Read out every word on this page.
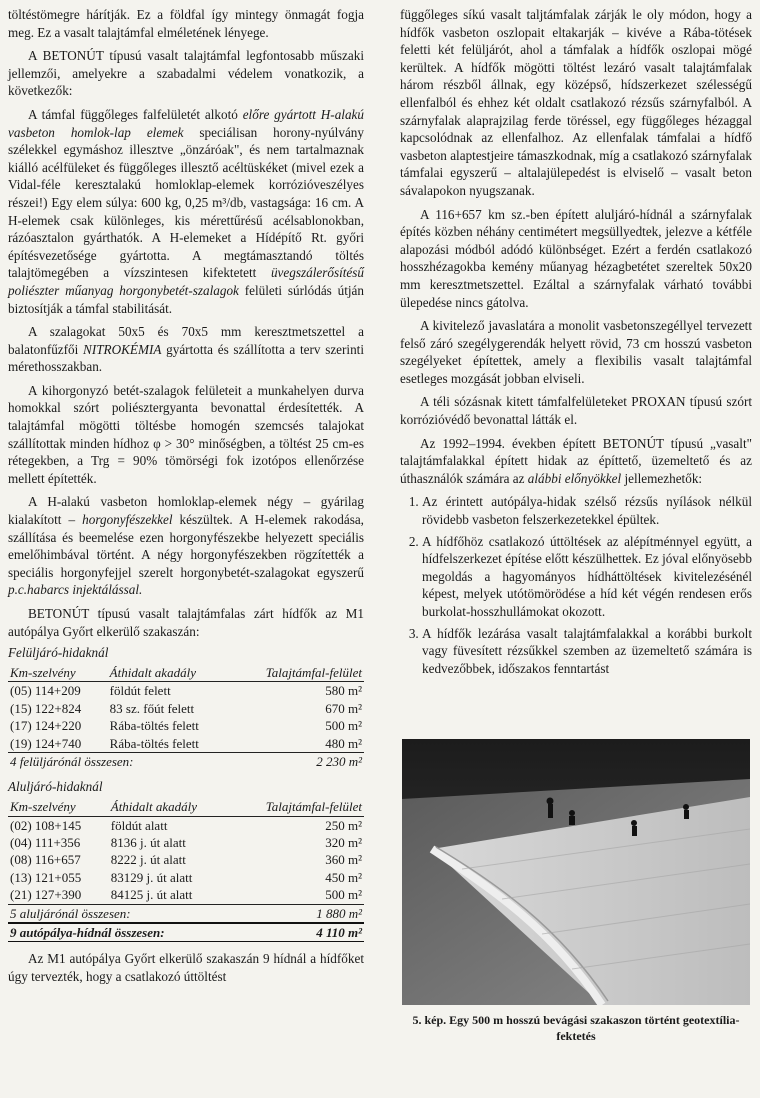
töltéstömegre hárítják. Ez a földfal így mintegy önmagát fogja meg. Ez a vasalt talajtámfal elméletének lényege.

A BETONÚT típusú vasalt talajtámfal legfontosabb műszaki jellemzői, amelyekre a szabadalmi védelem vonatkozik, a következők:

A támfal függőleges falfelületét alkotó előre gyártott H-alakú vasbeton homlok-lap elemek speciálisan horony-nyúlvány szélekkel egymáshoz illesztve „önzáróak", és nem tartalmaznak kiálló acélfüleket és függőleges illesztő acéltüskéket (mivel ezek a Vidal-féle keresztalakú homloklap-elemek korrózióveszélyes részei!) Egy elem súlya: 600 kg, 0,25 m³/db, vastagsága: 16 cm. A H-elemek csak különleges, kis mérettűrésű acélsablonokban, rázóasztalon gyárthatók. A H-elemeket a Hídépítő Rt. győri építésvezetősége gyártotta. A megtámasztandó töltés talajtömegében a vízszintesen kifektetett üvegszálerősítésű poliészter műanyag horgonybetét-szalagok felületi súrlódás útján biztosítják a támfal stabilitását.

A szalagokat 50x5 és 70x5 mm keresztmetszettel a balatonfűzfői NITROKÉMIA gyártotta és szállította a terv szerinti mérethosszakban.

A kihorgonyzó betét-szalagok felületeit a munkahelyen durva homokkal szórt poliésztergyanta bevonattal érdesítették. A talajtámfal mögötti töltésbe homogén szemcsés talajokat szállítottak minden hídhoz φ > 30° minőségben, a töltést 25 cm-es rétegekben, a Trg = 90% tömörségi fok izotópos ellenőrzése mellett építették.

A H-alakú vasbeton homloklap-elemek négy – gyárilag kialakított – horgonyfészekkel készültek. A H-elemek rakodása, szállítása és beemelése ezen horgonyfészekbe helyezett speciális emelőhimbával történt. A négy horgonyfészekben rögzítették a speciális horgonyfejjel szerelt horgonybetét-szalagokat egyszerű p.c.habarcs injektálással.

BETONÚT típusú vasalt talajtámfalas zárt hídfők az M1 autópálya Győrt elkerülő szakaszán:

Felüljáró-hidaknál
Km-szelvény	Áthidalt akadály	Talajtámfal-felület
(05) 114+209	földút felett	580 m²
(15) 122+824	83 sz. főút felett	670 m²
(17) 124+220	Rába-töltés felett	500 m²
(19) 124+740	Rába-töltés felett	480 m²
4 felüljárónál összesen:		2 230 m²
Aluljáró-hidaknál
Km-szelvény	Áthidalt akadály	Talajtámfal-felület
(02) 108+145	földút alatt	250 m²
(04) 111+356	8136 j. út alatt	320 m²
(08) 116+657	8222 j. út alatt	360 m²
(13) 121+055	83129 j. út alatt	450 m²
(21) 127+390	84125 j. út alatt	500 m²
5 aluljárónál összesen:		1 880 m²
9 autópálya-hídnál összesen:		4 110 m²

Az M1 autópálya Győrt elkerülő szakaszán 9 hídnál a hídfőket úgy tervezték, hogy a csatlakozó úttöltést

függőleges síkú vasalt taljtámfalak zárják le oly módon, hogy a hídfők vasbeton oszlopait eltakarják – kivéve a Rába-tötések feletti két felüljárót, ahol a támfalak a hídfők oszlopai mögé kerültek. A hídfők mögötti töltést lezáró vasalt talajtámfalak három részből állnak, egy középső, hídszerkezet szélességű ellenfalból és ehhez két oldalt csatlakozó rézsűs szárnyfalból. A szárnyfalak alaprajzilag ferde töréssel, egy függőleges hézaggal kapcsolódnak az ellenfalhoz. Az ellenfalak támfalai a hídfő vasbeton alaptestjeire támaszkodnak, míg a csatlakozó szárnyfalak támfalai egyszerű – altalajülepedést is elviselő – vasalt beton sávalapokon nyugszanak.

A 116+657 km sz.-ben épített aluljáró-hídnál a szárnyfalak építés közben néhány centimétert megsüllyedtek, jelezve a kétféle alapozási módból adódó különbséget. Ezért a ferdén csatlakozó hosszhézagokba kemény műanyag hézagbetétet szereltek 50x20 mm keresztmetszettel. Ezáltal a szárnyfalak várható további ülepedése nincs gátolva.

A kivitelező javaslatára a monolit vasbetonszegéllyel tervezett felső záró szegélygerendák helyett rövid, 73 cm hosszú vasbeton szegélyeket építettek, amely a flexibilis vasalt talajtámfal esetleges mozgását jobban elviseli.

A téli sózásnak kitett támfalfelületeket PROXAN típusú szórt korrózióvédő bevonattal látták el.

Az 1992–1994. években épített BETONÚT típusú „vasalt" talajtámfalakkal épített hidak az építtető, üzemeltető és az úthasználók számára az alábbi előnyökkel jellemezhetők:

1. Az érintett autópálya-hidak szélső rézsűs nyílások nélkül rövidebb vasbeton felszerkezetekkel épültek.
2. A hídfőhöz csatlakozó úttöltések az alépítménnyel együtt, a hídfelszerkezet építése előtt készülhettek. Ez jóval előnyösebb megoldás a hagyományos hídháttöltések kivitelezésénél képest, melyek utótömörödése a híd két végén rendesen erős burkolat-hosszhullámokat okozott.
3. A hídfők lezárása vasalt talajtámfalakkal a korábbi burkolt vagy füvesített rézsűkkel szemben az üzemeltető számára is kedvezőbbek, időszakos fenntartást
5. kép. Egy 500 m hosszú bevágási szakaszon történt geotextília-fektetés
